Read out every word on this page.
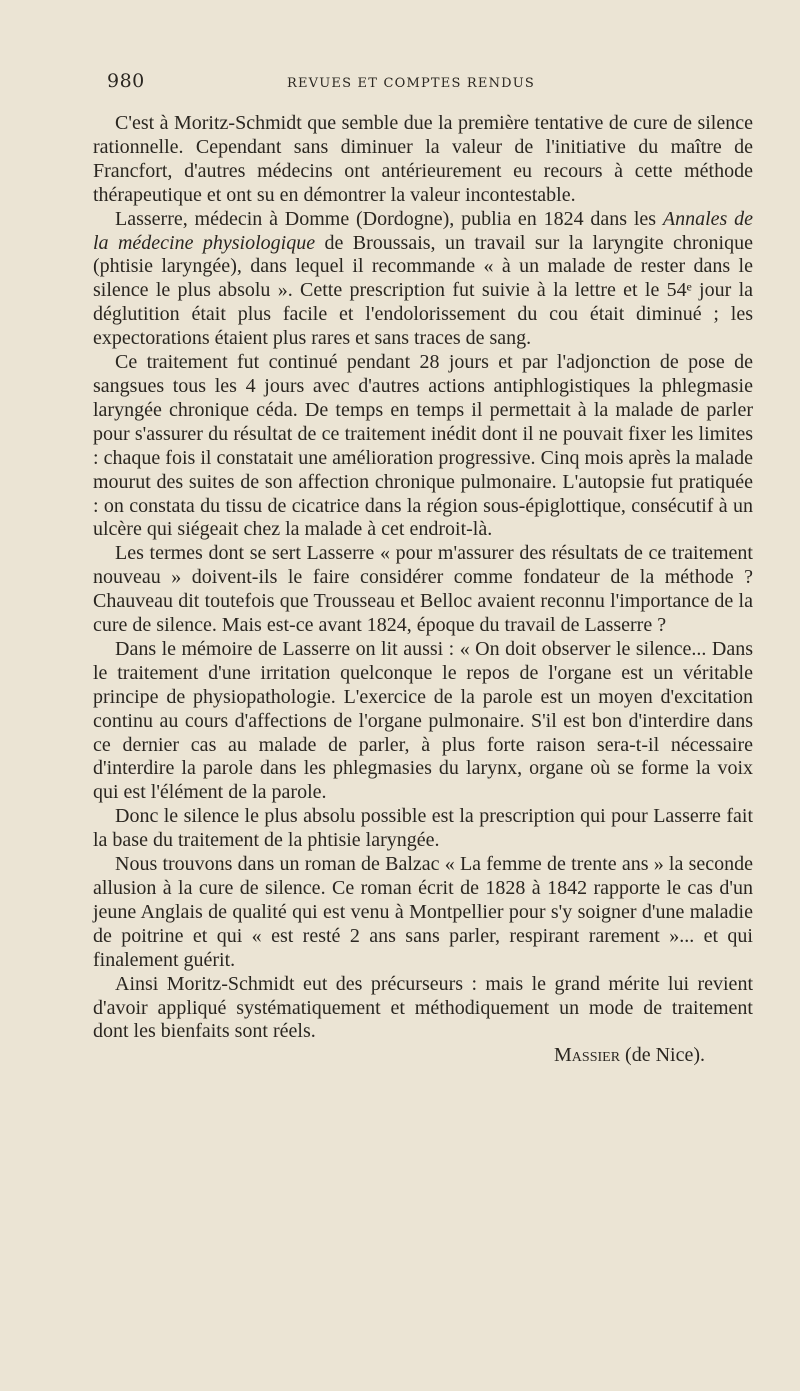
980	REVUES ET COMPTES RENDUS

C'est à Moritz-Schmidt que semble due la première tentative de cure de silence rationnelle. Cependant sans diminuer la valeur de l'initiative du maître de Francfort, d'autres médecins ont antérieurement eu recours à cette méthode thérapeutique et ont su en démontrer la valeur incontestable.

Lasserre, médecin à Domme (Dordogne), publia en 1824 dans les Annales de la médecine physiologique de Broussais, un travail sur la laryngite chronique (phtisie laryngée), dans lequel il recommande « à un malade de rester dans le silence le plus absolu ». Cette prescription fut suivie à la lettre et le 54ᵉ jour la déglutition était plus facile et l'endolorissement du cou était diminué ; les expectorations étaient plus rares et sans traces de sang.

Ce traitement fut continué pendant 28 jours et par l'adjonction de pose de sangsues tous les 4 jours avec d'autres actions antiphlogistiques la phlegmasie laryngée chronique céda. De temps en temps il permettait à la malade de parler pour s'assurer du résultat de ce traitement inédit dont il ne pouvait fixer les limites : chaque fois il constatait une amélioration progressive. Cinq mois après la malade mourut des suites de son affection chronique pulmonaire. L'autopsie fut pratiquée : on constata du tissu de cicatrice dans la région sous-épiglottique, consécutif à un ulcère qui siégeait chez la malade à cet endroit-là.

Les termes dont se sert Lasserre « pour m'assurer des résultats de ce traitement nouveau » doivent-ils le faire considérer comme fondateur de la méthode ? Chauveau dit toutefois que Trousseau et Belloc avaient reconnu l'importance de la cure de silence. Mais est-ce avant 1824, époque du travail de Lasserre ?

Dans le mémoire de Lasserre on lit aussi : « On doit observer le silence... Dans le traitement d'une irritation quelconque le repos de l'organe est un véritable principe de physiopathologie. L'exercice de la parole est un moyen d'excitation continu au cours d'affections de l'organe pulmonaire. S'il est bon d'interdire dans ce dernier cas au malade de parler, à plus forte raison sera-t-il nécessaire d'interdire la parole dans les phlegmasies du larynx, organe où se forme la voix qui est l'élément de la parole.

Donc le silence le plus absolu possible est la prescription qui pour Lasserre fait la base du traitement de la phtisie laryngée.

Nous trouvons dans un roman de Balzac « La femme de trente ans » la seconde allusion à la cure de silence. Ce roman écrit de 1828 à 1842 rapporte le cas d'un jeune Anglais de qualité qui est venu à Montpellier pour s'y soigner d'une maladie de poitrine et qui « est resté 2 ans sans parler, respirant rarement »... et qui finalement guérit.

Ainsi Moritz-Schmidt eut des précurseurs : mais le grand mérite lui revient d'avoir appliqué systématiquement et méthodiquement un mode de traitement dont les bienfaits sont réels.

Massier (de Nice).
